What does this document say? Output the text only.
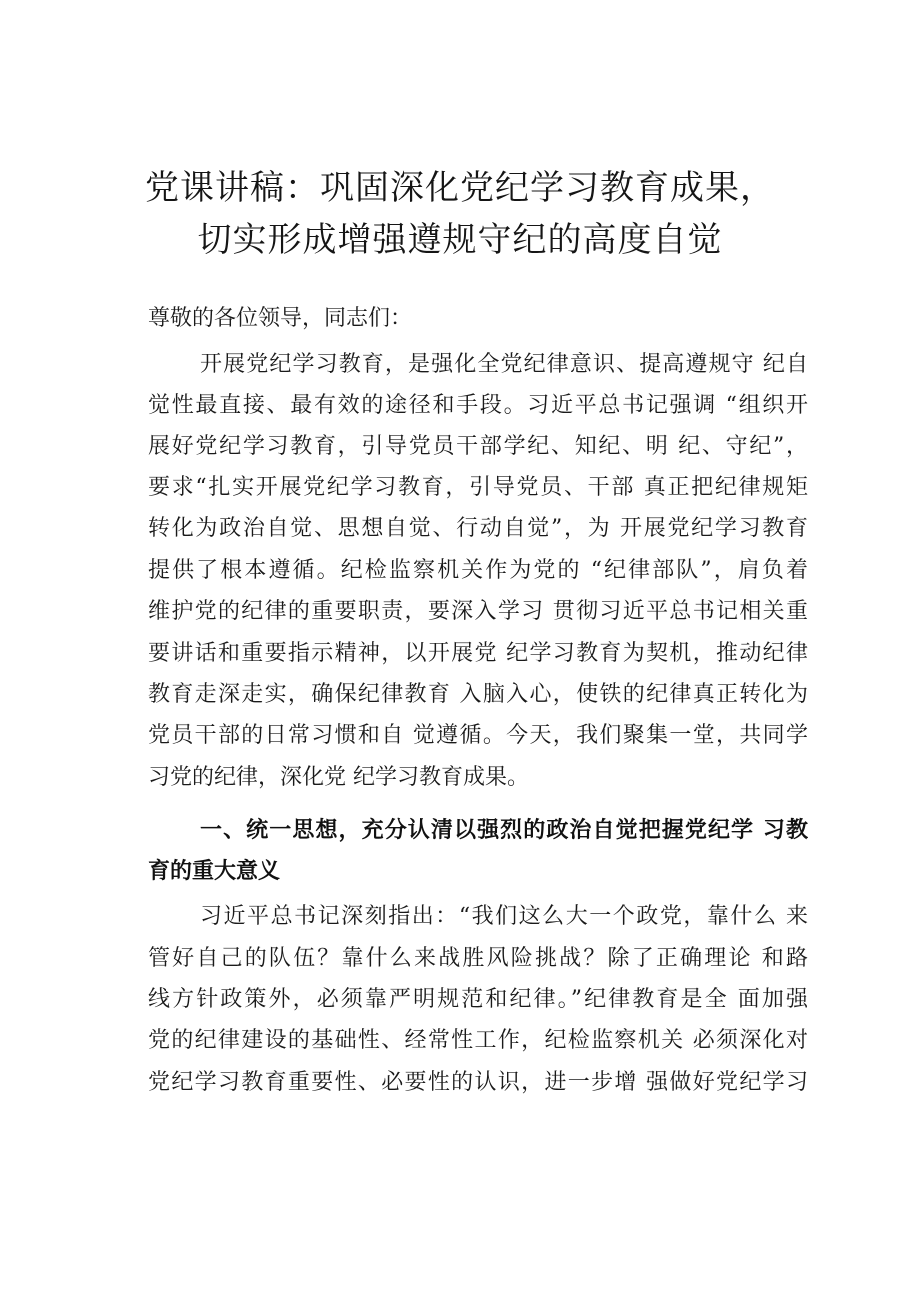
党课讲稿：巩固深化党纪学习教育成果，
切实形成增强遵规守纪的高度自觉
尊敬的各位领导，同志们：
开展党纪学习教育，是强化全党纪律意识、提高遵规守 纪自
觉性最直接、最有效的途径和手段。习近平总书记强调 “组织开
展好党纪学习教育，引导党员干部学纪、知纪、明 纪、守纪”，
要求“扎实开展党纪学习教育，引导党员、干部 真正把纪律规矩
转化为政治自觉、思想自觉、行动自觉”，为 开展党纪学习教育
提供了根本遵循。纪检监察机关作为党的 “纪律部队”，肩负着
维护党的纪律的重要职责，要深入学习 贯彻习近平总书记相关重
要讲话和重要指示精神，以开展党 纪学习教育为契机，推动纪律
教育走深走实，确保纪律教育 入脑入心，使铁的纪律真正转化为
党员干部的日常习惯和自 觉遵循。今天，我们聚集一堂，共同学
习党的纪律，深化党 纪学习教育成果。
一、统一思想，充分认清以强烈的政治自觉把握党纪学 习教
育的重大意义
习近平总书记深刻指出：“我们这么大一个政党，靠什么 来
管好自己的队伍？靠什么来战胜风险挑战？除了正确理论 和路
线方针政策外，必须靠严明规范和纪律。”纪律教育是全 面加强
党的纪律建设的基础性、经常性工作，纪检监察机关 必须深化对
党纪学习教育重要性、必要性的认识，进一步增 强做好党纪学习
